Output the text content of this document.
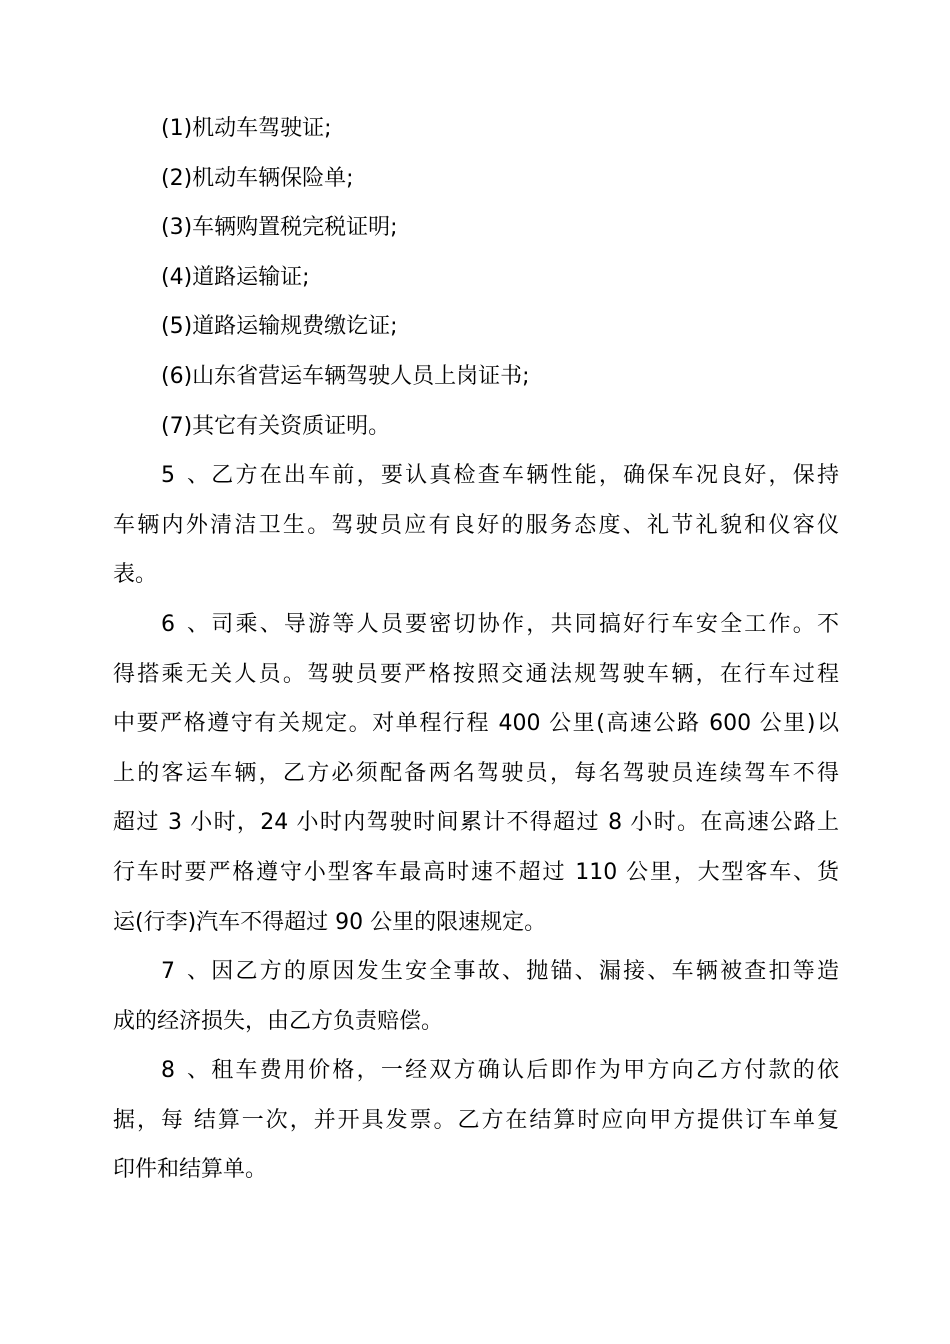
(1)机动车驾驶证;
(2)机动车辆保险单;
(3)车辆购置税完税证明;
(4)道路运输证;
(5)道路运输规费缴讫证;
(6)山东省营运车辆驾驶人员上岗证书;
(7)其它有关资质证明。
5、乙方在出车前，要认真检查车辆性能，确保车况良好，保持
车辆内外清洁卫生。驾驶员应有良好的服务态度、礼节礼貌和仪容仪
表。
6、司乘、导游等人员要密切协作，共同搞好行车安全工作。不
得搭乘无关人员。驾驶员要严格按照交通法规驾驶车辆，在行车过程
中要严格遵守有关规定。对单程行程 400 公里(高速公路 600 公里)以
上的客运车辆，乙方必须配备两名驾驶员，每名驾驶员连续驾车不得
超过 3 小时，24 小时内驾驶时间累计不得超过 8 小时。在高速公路上
行车时要严格遵守小型客车最高时速不超过 110 公里，大型客车、货
运(行李)汽车不得超过 90 公里的限速规定。
7、因乙方的原因发生安全事故、抛锚、漏接、车辆被查扣等造
成的经济损失，由乙方负责赔偿。
8、租车费用价格，一经双方确认后即作为甲方向乙方付款的依
据，每 结算一次，并开具发票。乙方在结算时应向甲方提供订车单复
印件和结算单。
